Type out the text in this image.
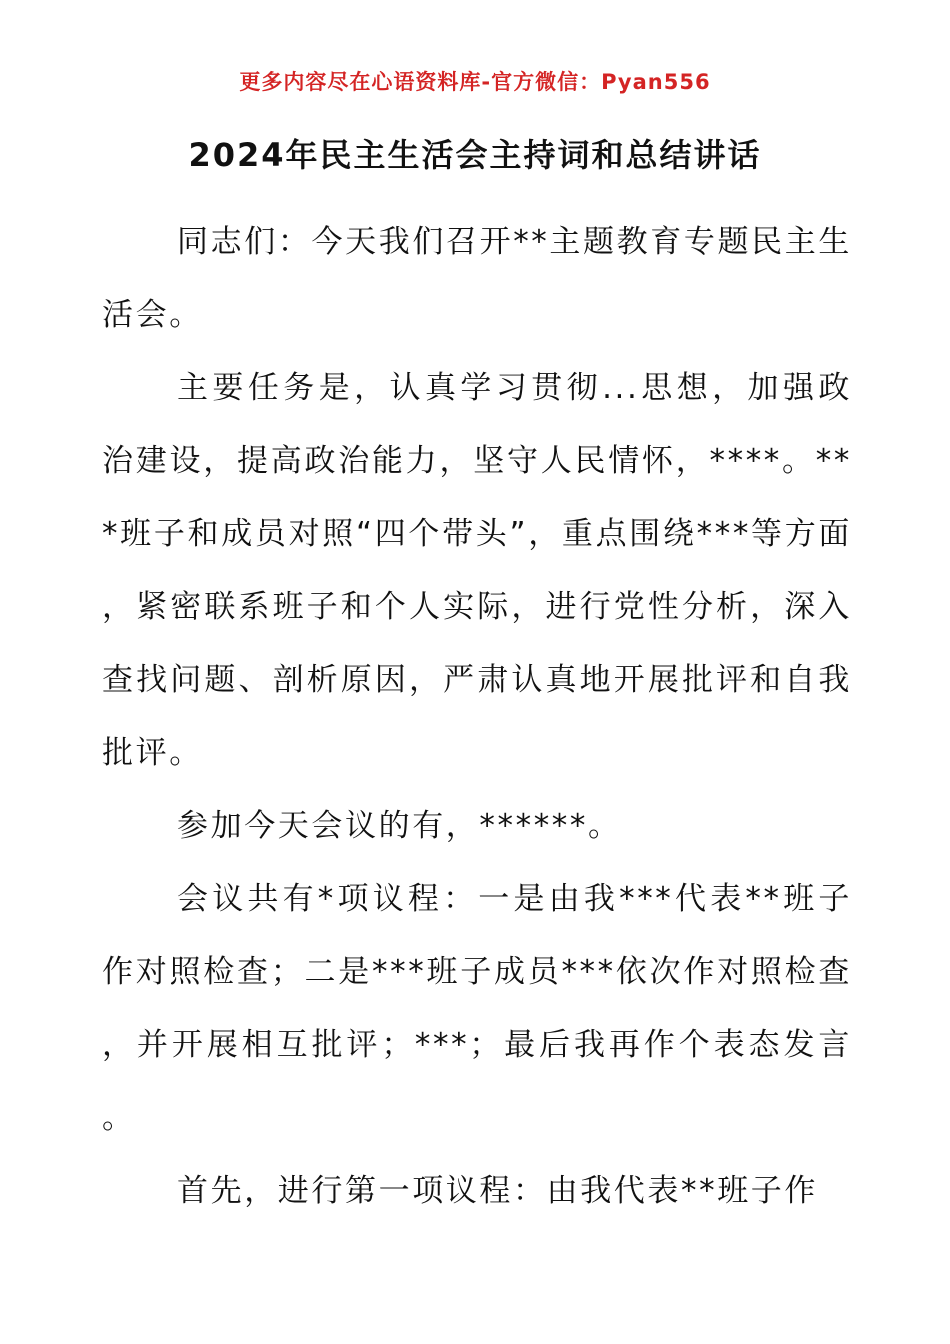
更多内容尽在心语资料库-官方微信：Pyan556
2024年民主生活会主持词和总结讲话

同志们：今天我们召开**主题教育专题民主生活会。

主要任务是，认真学习贯彻...思想，加强政治建设，提高政治能力，坚守人民情怀，****。***班子和成员对照“四个带头”，重点围绕***等方面，紧密联系班子和个人实际，进行党性分析，深入查找问题、剖析原因，严肃认真地开展批评和自我批评。

参加今天会议的有，******。

会议共有*项议程：一是由我***代表**班子作对照检查；二是***班子成员***依次作对照检查，并开展相互批评；***；最后我再作个表态发言。

首先，进行第一项议程：由我代表**班子作
